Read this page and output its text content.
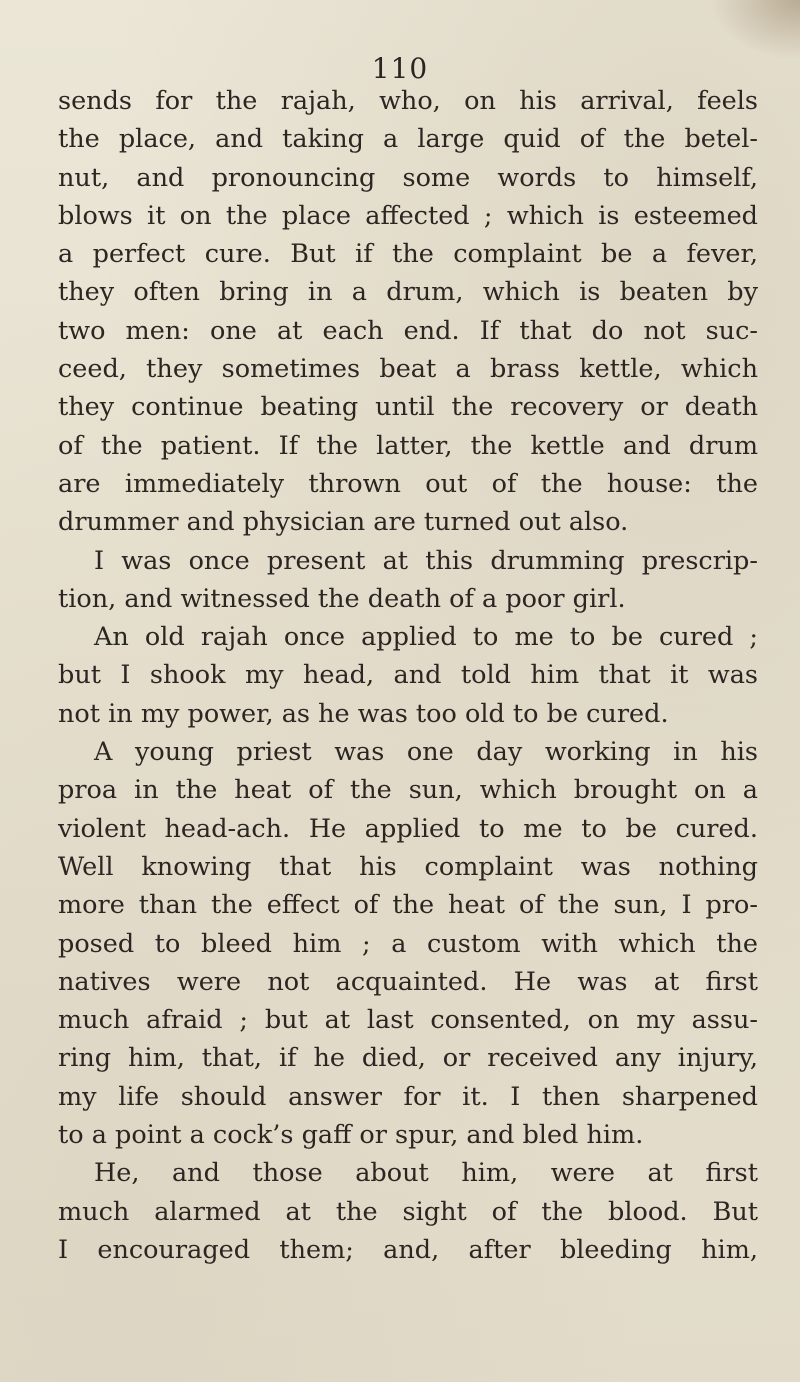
110
sends for the rajah, who, on his arrival, feels
the place, and taking a large quid of the betel-
nut, and pronouncing some words to himself,
blows it on the place affected ; which is esteemed
a perfect cure. But if the complaint be a fever,
they often bring in a drum, which is beaten by
two men: one at each end. If that do not suc-
ceed, they sometimes beat a brass kettle, which
they continue beating until the recovery or death
of the patient. If the latter, the kettle and drum
are immediately thrown out of the house: the
drummer and physician are turned out also.
I was once present at this drumming prescrip-
tion, and witnessed the death of a poor girl.
An old rajah once applied to me to be cured ;
but I shook my head, and told him that it was
not in my power, as he was too old to be cured.
A young priest was one day working in his
proa in the heat of the sun, which brought on a
violent head-ach. He applied to me to be cured.
Well knowing that his complaint was nothing
more than the effect of the heat of the sun, I pro-
posed to bleed him ; a custom with which the
natives were not acquainted. He was at first
much afraid ; but at last consented, on my assu-
ring him, that, if he died, or received any injury,
my life should answer for it. I then sharpened
to a point a cock’s gaff or spur, and bled him.
He, and those about him, were at first
much alarmed at the sight of the blood. But
I encouraged them; and, after bleeding him,
